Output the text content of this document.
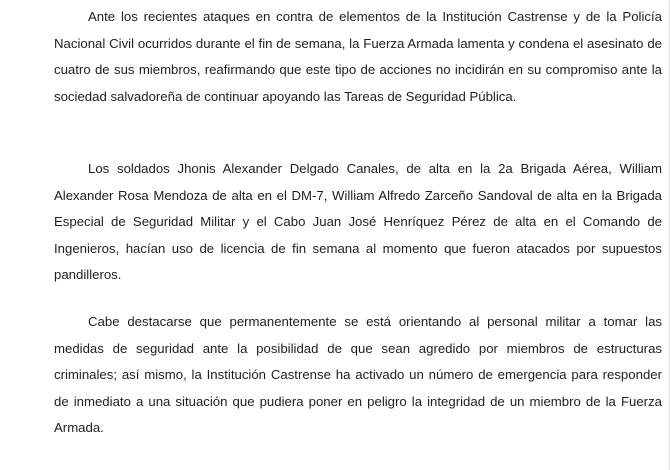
Ante los recientes ataques en contra de elementos de la Institución Castrense y de la Policía Nacional Civil ocurridos durante el fin de semana, la Fuerza Armada lamenta y condena el asesinato de cuatro de sus miembros, reafirmando que este tipo de acciones no incidirán en su compromiso ante la sociedad salvadoreña de continuar apoyando las Tareas de Seguridad Pública.

Los soldados Jhonis Alexander Delgado Canales, de alta en la 2a Brigada Aérea, William Alexander Rosa Mendoza de alta en el DM-7, William Alfredo Zarceño Sandoval de alta en la Brigada Especial de Seguridad Militar y el Cabo Juan José Henríquez Pérez de alta en el Comando de Ingenieros, hacían uso de licencia de fin semana al momento que fueron atacados por supuestos pandilleros.

Cabe destacarse que permanentemente se está orientando al personal militar a tomar las medidas de seguridad ante la posibilidad de que sean agredido por miembros de estructuras criminales; así mismo, la Institución Castrense ha activado un número de emergencia para responder de inmediato a una situación que pudiera poner en peligro la integridad de un miembro de la Fuerza Armada.
